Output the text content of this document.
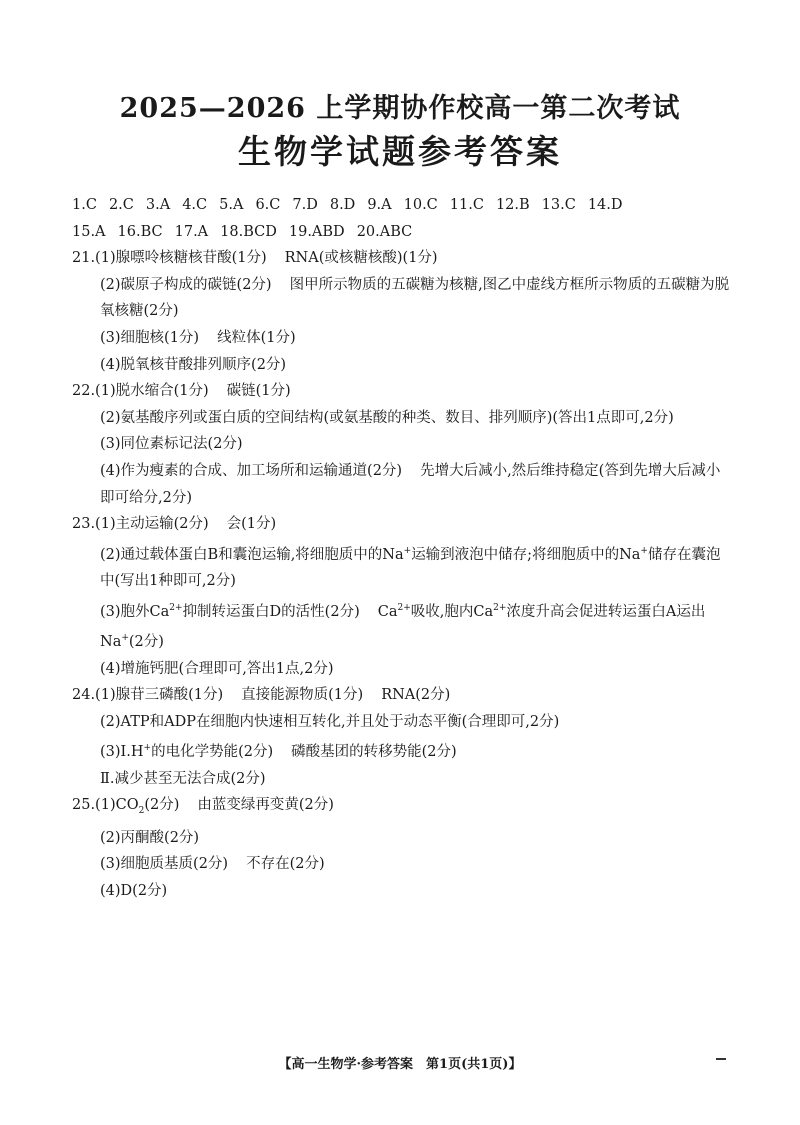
2025—2026 上学期协作校高一第二次考试
生物学试题参考答案
1.C 2.C 3.A 4.C 5.A 6.C 7.D 8.D 9.A 10.C 11.C 12.B 13.C 14.D
15.A 16.BC 17.A 18.BCD 19.ABD 20.ABC
21.(1)腺嘌呤核糖核苷酸(1分) RNA(或核糖核酸)(1分)
(2)碳原子构成的碳链(2分) 图甲所示物质的五碳糖为核糖,图乙中虚线方框所示物质的五碳糖为脱氧核糖(2分)
(3)细胞核(1分) 线粒体(1分)
(4)脱氧核苷酸排列顺序(2分)
22.(1)脱水缩合(1分) 碳链(1分)
(2)氨基酸序列或蛋白质的空间结构(或氨基酸的种类、数目、排列顺序)(答出1点即可,2分)
(3)同位素标记法(2分)
(4)作为瘦素的合成、加工场所和运输通道(2分) 先增大后减小,然后维持稳定(答到先增大后减小即可给分,2分)
23.(1)主动运输(2分) 会(1分)
(2)通过载体蛋白B和囊泡运输,将细胞质中的Na+运输到液泡中储存;将细胞质中的Na+储存在囊泡中(写出1种即可,2分)
(3)胞外$Ca^{2+}$抑制转运蛋白D的活性(2分) $Ca^{2+}$吸收,胞内$Ca^{2+}$浓度升高会促进转运蛋白A运出Na+(2分)
(4)增施钙肥(合理即可,答出1点,2分)
24.(1)腺苷三磷酸(1分) 直接能源物质(1分) RNA(2分)
(2)ATP和ADP在细胞内快速相互转化,并且处于动态平衡(合理即可,2分)
(3)Ⅰ.H+的电化学势能(2分) 磷酸基团的转移势能(2分)
Ⅱ.减少甚至无法合成(2分)
$25.(1)CO_2(2$分) 由蓝变绿再变黄(2分)
(2)丙酮酸(2分)
(3)细胞质基质(2分) 不存在(2分)
(4)D(2分)
【高一生物学·参考答案　第1页(共1页)】
